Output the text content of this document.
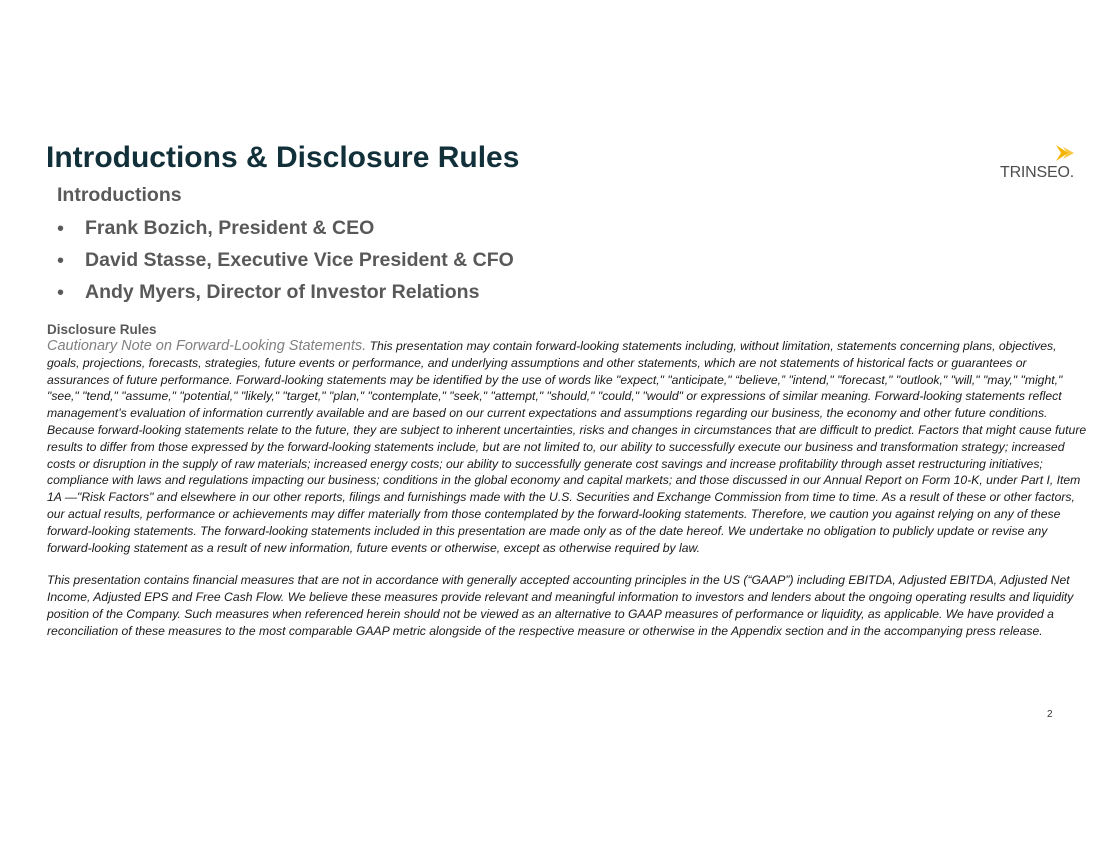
Introductions & Disclosure Rules	TRINSEO.
Introductions
• Frank Bozich, President & CEO
• David Stasse, Executive Vice President & CFO
• Andy Myers, Director of Investor Relations
Disclosure Rules

Cautionary Note on Forward-Looking Statements. This presentation may contain forward-looking statements including, without limitation, statements concerning plans, objectives, goals, projections, forecasts, strategies, future events or performance, and underlying assumptions and other statements, which are not statements of historical facts or guarantees or assurances of future performance. Forward-looking statements may be identified by the use of words like "expect," "anticipate," “believe,” "intend," "forecast," "outlook," "will," "may," "might," "see," "tend," "assume," "potential," "likely," "target," "plan," "contemplate," "seek," "attempt," "should," "could," "would" or expressions of similar meaning. Forward-looking statements reflect management’s evaluation of information currently available and are based on our current expectations and assumptions regarding our business, the economy and other future conditions. Because forward-looking statements relate to the future, they are subject to inherent uncertainties, risks and changes in circumstances that are difficult to predict. Factors that might cause future results to differ from those expressed by the forward-looking statements include, but are not limited to, our ability to successfully execute our business and transformation strategy; increased costs or disruption in the supply of raw materials; increased energy costs; our ability to successfully generate cost savings and increase profitability through asset restructuring initiatives; compliance with laws and regulations impacting our business; conditions in the global economy and capital markets; and those discussed in our Annual Report on Form 10-K, under Part I, Item 1A —"Risk Factors" and elsewhere in our other reports, filings and furnishings made with the U.S. Securities and Exchange Commission from time to time. As a result of these or other factors, our actual results, performance or achievements may differ materially from those contemplated by the forward-looking statements. Therefore, we caution you against relying on any of these forward-looking statements. The forward-looking statements included in this presentation are made only as of the date hereof. We undertake no obligation to publicly update or revise any forward-looking statement as a result of new information, future events or otherwise, except as otherwise required by law.

This presentation contains financial measures that are not in accordance with generally accepted accounting principles in the US (“GAAP”) including EBITDA, Adjusted EBITDA, Adjusted Net Income, Adjusted EPS and Free Cash Flow. We believe these measures provide relevant and meaningful information to investors and lenders about the ongoing operating results and liquidity position of the Company. Such measures when referenced herein should not be viewed as an alternative to GAAP measures of performance or liquidity, as applicable. We have provided a reconciliation of these measures to the most comparable GAAP metric alongside of the respective measure or otherwise in the Appendix section and in the accompanying press release.

2
